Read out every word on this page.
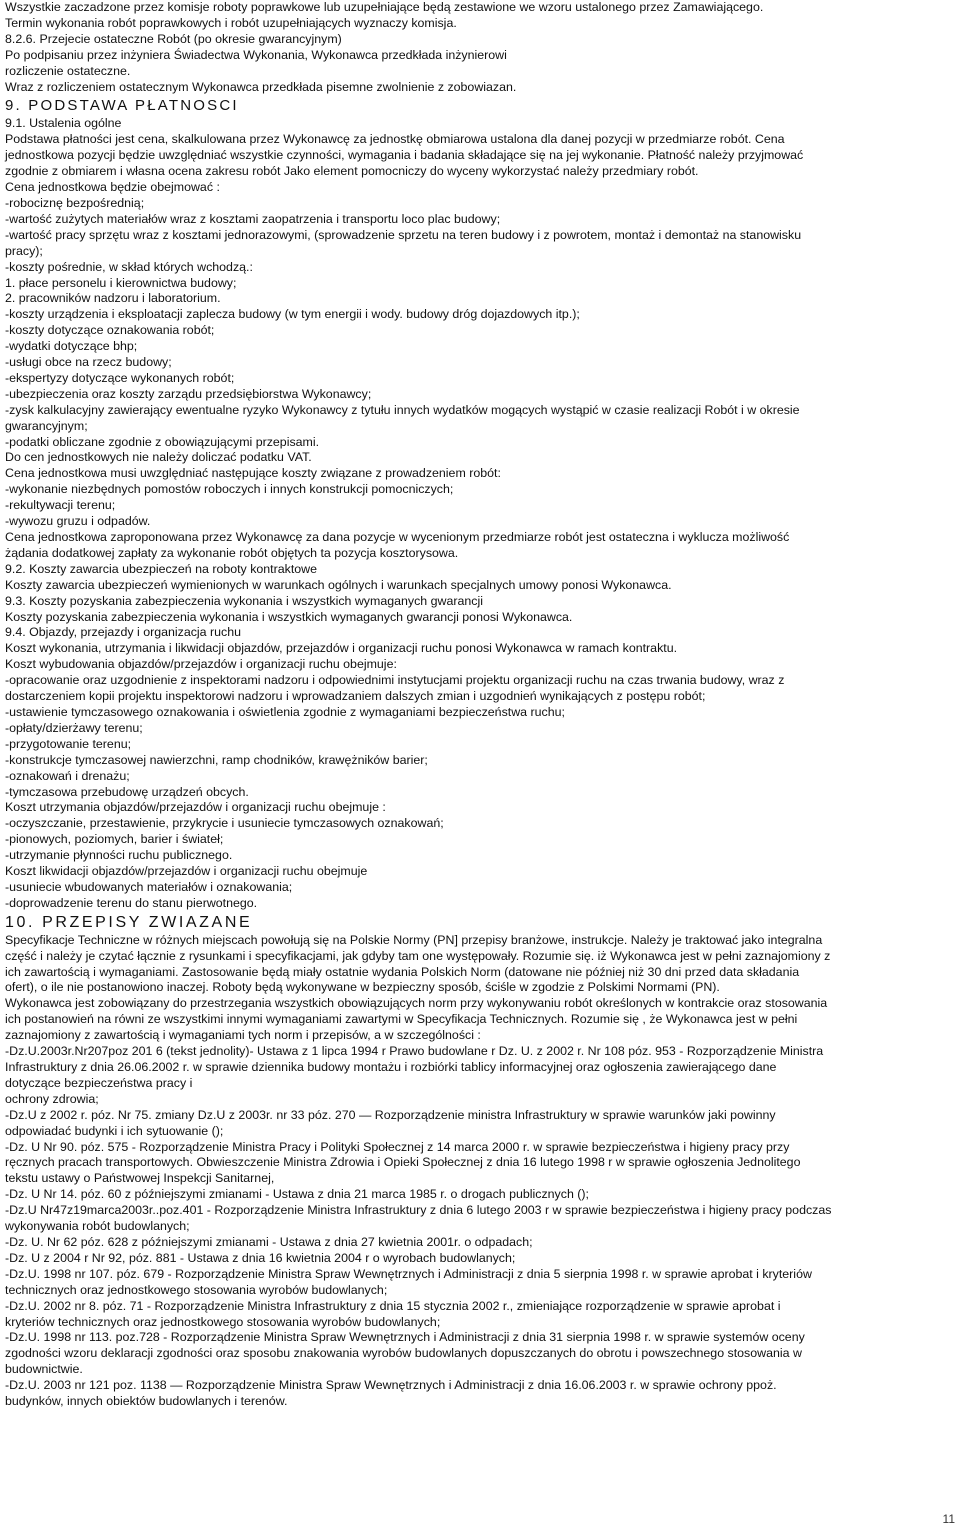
Wszystkie zaczadzone przez komisje roboty poprawkowe lub uzupełniające będą zestawione we wzoru ustalonego przez Zamawiającego.
Termin wykonania robót poprawkowych i robót uzupełniających wyznaczy komisja.
8.2.6. Przejecie ostateczne Robót (po okresie gwarancyjnym)
Po podpisaniu przez inżyniera Świadectwa Wykonania, Wykonawca przedkłada inżynierowi
rozliczenie ostateczne.
Wraz z rozliczeniem ostatecznym Wykonawca przedkłada pisemne zwolnienie z zobowiazan.
9. PODSTAWA PŁATNOSCI
9.1. Ustalenia ogólne
Podstawa płatności jest cena, skalkulowana przez Wykonawcę za jednostkę obmiarowa ustalona dla danej pozycji w przedmiarze robót. Cena
jednostkowa pozycji będzie uwzględniać wszystkie czynności, wymagania i badania składające się na jej wykonanie. Płatność należy przyjmować
zgodnie z obmiarem i własna ocena zakresu robót Jako element pomocniczy do wyceny wykorzystać należy przedmiary robót.
Cena jednostkowa będzie obejmować :
-robociznę bezpośrednią;
-wartość zużytych materiałów wraz z kosztami zaopatrzenia i transportu loco plac budowy;
-wartość pracy sprzętu wraz z kosztami jednorazowymi, (sprowadzenie sprzetu na teren budowy i z powrotem, montaż i demontaż na stanowisku
pracy);
-koszty pośrednie, w skład których wchodzą.:
1. płace personelu i kierownictwa budowy;
2. pracowników nadzoru i laboratorium.
-koszty urządzenia i eksploatacji zaplecza budowy (w tym energii i wody. budowy dróg dojazdowych itp.);
-koszty dotyczące oznakowania robót;
-wydatki dotyczące bhp;
-usługi obce na rzecz budowy;
-ekspertyzy dotyczące wykonanych robót;
-ubezpieczenia oraz koszty zarządu przedsiębiorstwa Wykonawcy;
-zysk kalkulacyjny zawierający ewentualne ryzyko Wykonawcy z tytułu innych wydatków mogących wystąpić w czasie realizacji Robót i w okresie
gwarancyjnym;
-podatki obliczane zgodnie z obowiązującymi przepisami.
Do cen jednostkowych nie należy doliczać podatku VAT.
Cena jednostkowa musi uwzględniać następujące koszty związane z prowadzeniem robót:
-wykonanie niezbędnych pomostów roboczych i innych konstrukcji pomocniczych;
-rekultywacji terenu;
-wywozu gruzu i odpadów.
Cena jednostkowa zaproponowana przez Wykonawcę za dana pozycje w wycenionym przedmiarze robót jest ostateczna i wyklucza możliwość
żądania dodatkowej zapłaty za wykonanie robót objętych ta pozycja kosztorysowa.
9.2. Koszty zawarcia ubezpieczeń na roboty kontraktowe
Koszty zawarcia ubezpieczeń wymienionych w warunkach ogólnych i warunkach specjalnych umowy ponosi Wykonawca.
9.3. Koszty pozyskania zabezpieczenia wykonania i wszystkich wymaganych gwarancji
Koszty pozyskania zabezpieczenia wykonania i wszystkich wymaganych gwarancji ponosi Wykonawca.
9.4. Objazdy, przejazdy i organizacja ruchu
Koszt wykonania, utrzymania i likwidacji objazdów, przejazdów i organizacji ruchu ponosi Wykonawca w ramach kontraktu.
Koszt wybudowania objazdów/przejazdów i organizacji ruchu obejmuje:
-opracowanie oraz uzgodnienie z inspektorami nadzoru i odpowiednimi instytucjami projektu organizacji ruchu na czas trwania budowy, wraz z
dostarczeniem kopii projektu inspektorowi nadzoru i wprowadzaniem dalszych zmian i uzgodnień wynikających z postępu robót;
-ustawienie tymczasowego oznakowania i oświetlenia zgodnie z wymaganiami bezpieczeństwa ruchu;
-opłaty/dzierżawy terenu;
-przygotowanie terenu;
-konstrukcje tymczasowej nawierzchni, ramp chodników, krawężników barier;
-oznakowań i drenażu;
-tymczasowa przebudowę urządzeń obcych.
Koszt utrzymania objazdów/przejazdów i organizacji ruchu obejmuje :
-oczyszczanie, przestawienie, przykrycie i usuniecie tymczasowych oznakowań;
-pionowych, poziomych, barier i świateł;
-utrzymanie płynności ruchu publicznego.
Koszt likwidacji objazdów/przejazdów i organizacji ruchu obejmuje
-usuniecie wbudowanych materiałów i oznakowania;
-doprowadzenie terenu do stanu pierwotnego.
10. PRZEPISY ZWIAZANE
Specyfikacje Techniczne w różnych miejscach powołują się na Polskie Normy (PN] przepisy branżowe, instrukcje. Należy je traktować jako integralna
część i należy je czytać łącznie z rysunkami i specyfikacjami, jak gdyby tam one występowały. Rozumie się. iż Wykonawca jest w pełni zaznajomiony z
ich zawartością i wymaganiami. Zastosowanie będą miały ostatnie wydania Polskich Norm (datowane nie później niż 30 dni przed data składania
ofert), o ile nie postanowiono inaczej. Roboty będą wykonywane w bezpieczny sposób, ściśle w zgodzie z Polskimi Normami (PN).
Wykonawca jest zobowiązany do przestrzegania wszystkich obowiązujących norm przy wykonywaniu robót określonych w kontrakcie oraz stosowania
ich postanowień na równi ze wszystkimi innymi wymaganiami zawartymi w Specyfikacja Technicznych. Rozumie się , że Wykonawca jest w pełni
zaznajomiony z zawartością i wymaganiami tych norm i przepisów, a w szczególności :
-Dz.U.2003r.Nr207poz 201 6 (tekst jednolity)- Ustawa z 1 lipca 1994 r Prawo budowlane r Dz. U. z 2002 r. Nr 108 póz. 953 - Rozporządzenie Ministra
Infrastruktury z dnia 26.06.2002 r. w sprawie dziennika budowy montażu i rozbiórki tablicy informacyjnej oraz ogłoszenia zawierającego dane
dotyczące bezpieczeństwa pracy i
ochrony zdrowia;
-Dz.U z 2002 r. póz. Nr 75. zmiany Dz.U z 2003r. nr 33 póz. 270 — Rozporządzenie ministra Infrastruktury w sprawie warunków jaki powinny
odpowiadać budynki i ich sytuowanie ();
-Dz. U Nr 90. póz. 575 - Rozporządzenie Ministra Pracy i Polityki Społecznej z 14 marca 2000 r. w sprawie bezpieczeństwa i higieny pracy przy
ręcznych pracach transportowych. Obwieszczenie Ministra Zdrowia i Opieki Społecznej z dnia 16 lutego 1998 r w sprawie ogłoszenia Jednolitego
tekstu ustawy o Państwowej Inspekcji Sanitarnej,
-Dz. U Nr 14. póz. 60 z późniejszymi zmianami - Ustawa z dnia 21 marca 1985 r. o drogach publicznych ();
-Dz.U Nr47z19marca2003r..poz.401 - Rozporządzenie Ministra Infrastruktury z dnia 6 lutego 2003 r w sprawie bezpieczeństwa i higieny pracy podczas
wykonywania robót budowlanych;
-Dz. U. Nr 62 póz. 628 z późniejszymi zmianami - Ustawa z dnia 27 kwietnia 2001r. o odpadach;
-Dz. U z 2004 r Nr 92, póz. 881 - Ustawa z dnia 16 kwietnia 2004 r o wyrobach budowlanych;
-Dz.U. 1998 nr 107. póz. 679 - Rozporządzenie Ministra Spraw Wewnętrznych i Administracji z dnia 5 sierpnia 1998 r. w sprawie aprobat i kryteriów
technicznych oraz jednostkowego stosowania wyrobów budowlanych;
-Dz.U. 2002 nr 8. póz. 71 - Rozporządzenie Ministra Infrastruktury z dnia 15 stycznia 2002 r., zmieniające rozporządzenie w sprawie aprobat i
kryteriów technicznych oraz jednostkowego stosowania wyrobów budowlanych;
-Dz.U. 1998 nr 113. poz.728 - Rozporządzenie Ministra Spraw Wewnętrznych i Administracji z dnia 31 sierpnia 1998 r. w sprawie systemów oceny
zgodności wzoru deklaracji zgodności oraz sposobu znakowania wyrobów budowlanych dopuszczanych do obrotu i powszechnego stosowania w
budownictwie.
-Dz.U. 2003 nr 121 poz. 1138 — Rozporządzenie Ministra Spraw Wewnętrznych i Administracji z dnia 16.06.2003 r. w sprawie ochrony ppoż.
budynków, innych obiektów budowlanych i terenów.
11
